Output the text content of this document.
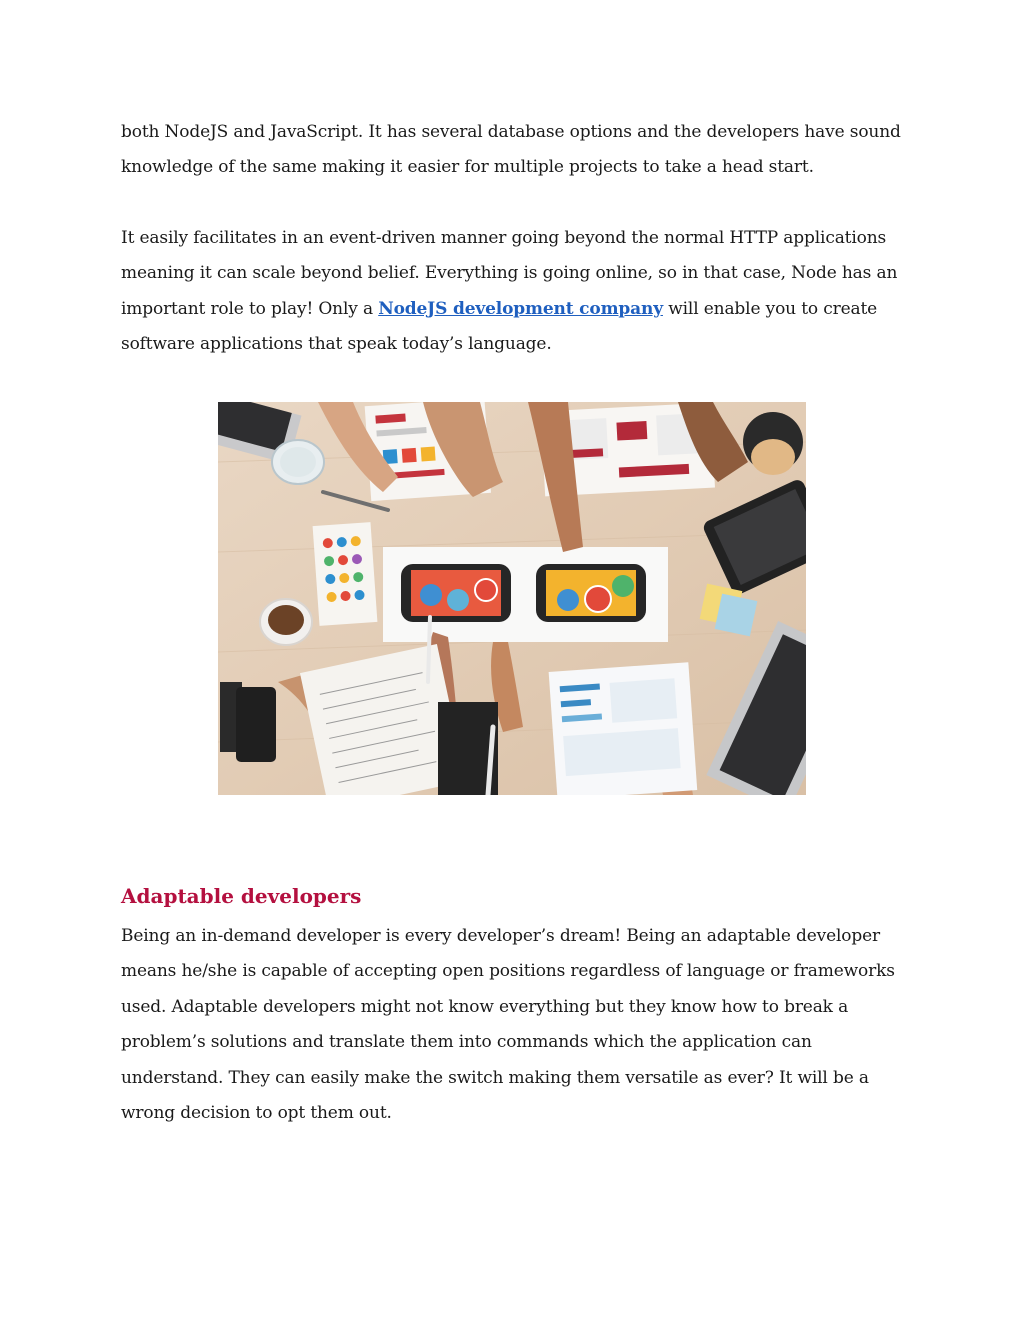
both NodeJS and JavaScript. It has several database options and the developers have sound knowledge of the same making it easier for multiple projects to take a head start.

It easily facilitates in an event-driven manner going beyond the normal HTTP applications meaning it can scale beyond belief. Everything is going online, so in that case, Node has an important role to play! Only a NodeJS development company will enable you to create software applications that speak today’s language.

Adaptable developers

Being an in-demand developer is every developer’s dream! Being an adaptable developer means he/she is capable of accepting open positions regardless of language or frameworks used. Adaptable developers might not know everything but they know how to break a problem’s solutions and translate them into commands which the application can understand. They can easily make the switch making them versatile as ever? It will be a wrong decision to opt them out.
